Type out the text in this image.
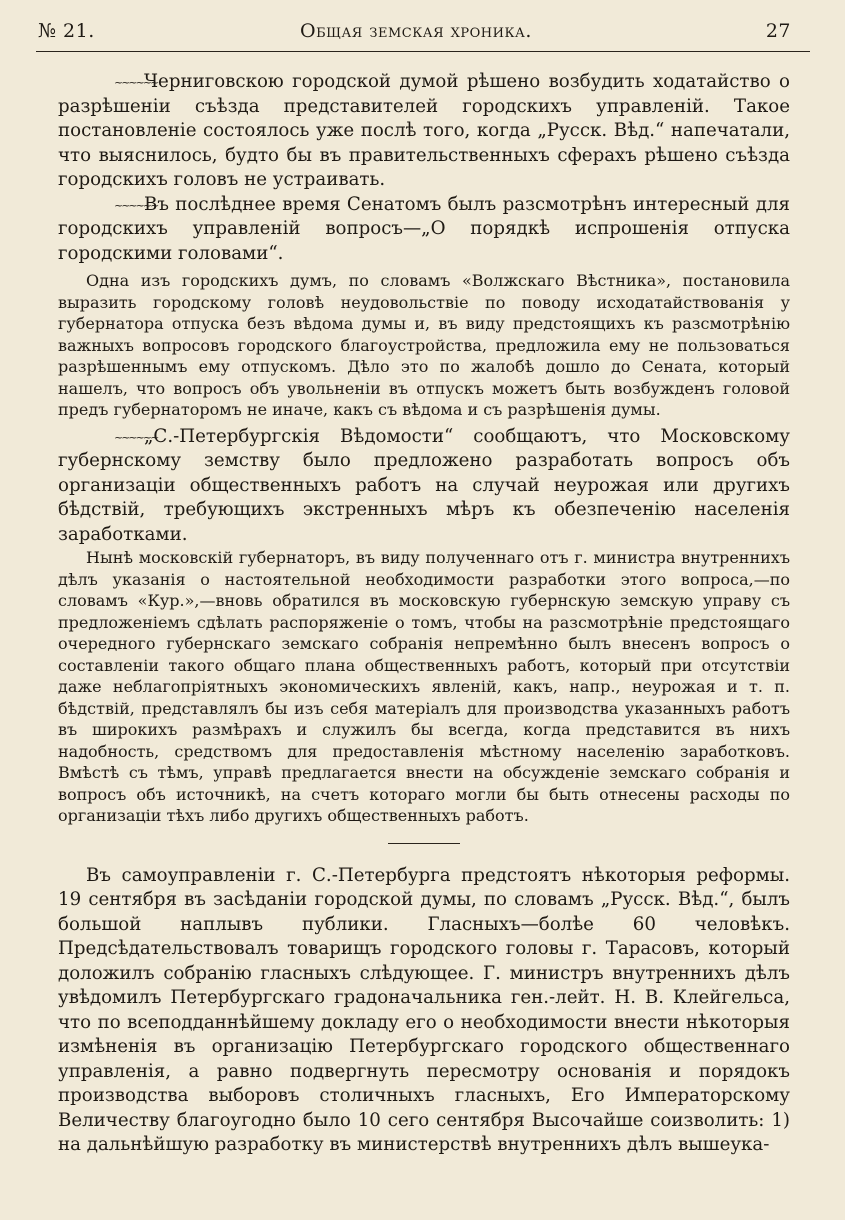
№ 21.	Общая земская хроника.	27

~~~~~~Черниговскою городской думой рѣшено возбудить ходатайство о разрѣшеніи съѣзда представителей городскихъ управленій. Такое постановленіе состоялось уже послѣ того, когда „Русск. Вѣд.“ напечатали, что выяснилось, будто бы въ правительственныхъ сферахъ рѣшено съѣзда городскихъ головъ не устраивать.

~~~~~~Въ послѣднее время Сенатомъ былъ разсмотрѣнъ интересный для городскихъ управленій вопросъ—„О порядкѣ испрошенія отпуска городскими головами“.

Одна изъ городскихъ думъ, по словамъ «Волжскаго Вѣстника», постановила выразить городскому головѣ неудовольствіе по поводу исходатайствованія у губернатора отпуска безъ вѣдома думы и, въ виду предстоящихъ къ разсмотрѣнію важныхъ вопросовъ городского благоустройства, предложила ему не пользоваться разрѣшеннымъ ему отпускомъ. Дѣло это по жалобѣ дошло до Сената, который нашелъ, что вопросъ объ увольненіи въ отпускъ можетъ быть возбужденъ головой предъ губернаторомъ не иначе, какъ съ вѣдома и съ разрѣшенія думы.

~~~~~~„С.-Петербургскія Вѣдомости“ сообщаютъ, что Московскому губернскому земству было предложено разработать вопросъ объ организаціи общественныхъ работъ на случай неурожая или другихъ бѣдствій, требующихъ экстренныхъ мѣръ къ обезпеченію населенія заработками.

Нынѣ московскій губернаторъ, въ виду полученнаго отъ г. министра внутреннихъ дѣлъ указанія о настоятельной необходимости разработки этого вопроса,—по словамъ «Кур.»,—вновь обратился въ московскую губернскую земскую управу съ предложеніемъ сдѣлать распоряженіе о томъ, чтобы на разсмотрѣніе предстоящаго очередного губернскаго земскаго собранія непремѣнно былъ внесенъ вопросъ о составленіи такого общаго плана общественныхъ работъ, который при отсутствіи даже неблагопріятныхъ экономическихъ явленій, какъ, напр., неурожая и т. п. бѣдствій, представлялъ бы изъ себя матеріалъ для производства указанныхъ работъ въ широкихъ размѣрахъ и служилъ бы всегда, когда представится въ нихъ надобность, средствомъ для предоставленія мѣстному населенію заработковъ. Вмѣстѣ съ тѣмъ, управѣ предлагается внести на обсужденіе земскаго собранія и вопросъ объ источникѣ, на счетъ котораго могли бы быть отнесены расходы по организаціи тѣхъ либо другихъ общественныхъ работъ.

Въ самоуправленіи г. С.-Петербурга предстоятъ нѣкоторыя реформы. 19 сентября въ засѣданіи городской думы, по словамъ „Русск. Вѣд.“, былъ большой наплывъ публики. Гласныхъ—болѣе 60 человѣкъ. Предсѣдательствовалъ товарищъ городского головы г. Тарасовъ, который доложилъ собранію гласныхъ слѣдующее. Г. министръ внутреннихъ дѣлъ увѣдомилъ Петербургскаго градоначальника ген.-лейт. Н. В. Клейгельса, что по всеподданнѣйшему докладу его о необходимости внести нѣкоторыя измѣненія въ организацію Петербургскаго городского общественнаго управленія, а равно подвергнуть пересмотру основанія и порядокъ производства выборовъ столичныхъ гласныхъ, Его Императорскому Величеству благоугодно было 10 сего сентября Высочайше соизволить: 1) на дальнѣйшую разработку въ министерствѣ внутреннихъ дѣлъ вышеука-
